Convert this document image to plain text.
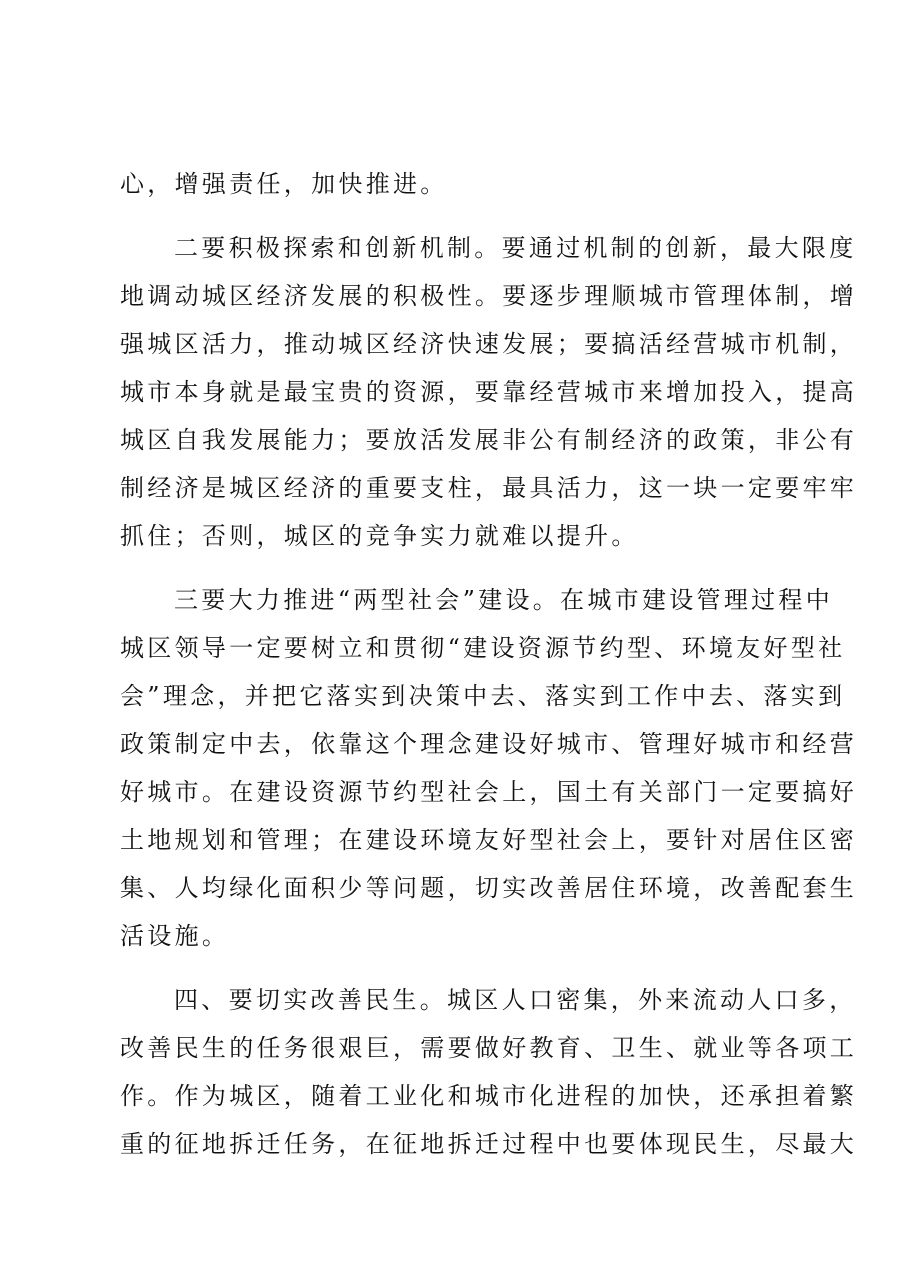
心，增强责任，加快推进。
二要积极探索和创新机制。要通过机制的创新，最大限度
地调动城区经济发展的积极性。要逐步理顺城市管理体制，增
强城区活力，推动城区经济快速发展；要搞活经营城市机制，
城市本身就是最宝贵的资源，要靠经营城市来增加投入，提高
城区自我发展能力；要放活发展非公有制经济的政策，非公有
制经济是城区经济的重要支柱，最具活力，这一块一定要牢牢
抓住；否则，城区的竞争实力就难以提升。
三要大力推进“两型社会”建设。在城市建设管理过程中
城区领导一定要树立和贯彻“建设资源节约型、环境友好型社
会”理念，并把它落实到决策中去、落实到工作中去、落实到
政策制定中去，依靠这个理念建设好城市、管理好城市和经营
好城市。在建设资源节约型社会上，国土有关部门一定要搞好
土地规划和管理；在建设环境友好型社会上，要针对居住区密
集、人均绿化面积少等问题，切实改善居住环境，改善配套生
活设施。
四、要切实改善民生。城区人口密集，外来流动人口多，
改善民生的任务很艰巨，需要做好教育、卫生、就业等各项工
作。作为城区，随着工业化和城市化进程的加快，还承担着繁
重的征地拆迁任务，在征地拆迁过程中也要体现民生，尽最大
